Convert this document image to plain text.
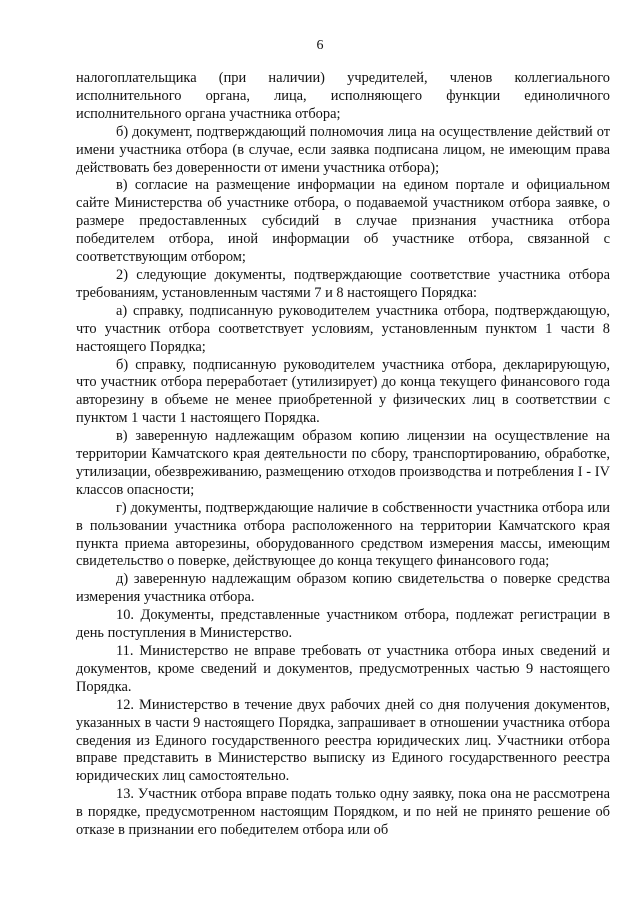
6

налогоплательщика (при наличии) учредителей, членов коллегиального исполнительного органа, лица, исполняющего функции единоличного исполнительного органа участника отбора;

б) документ, подтверждающий полномочия лица на осуществление действий от имени участника отбора (в случае, если заявка подписана лицом, не имеющим права действовать без доверенности от имени участника отбора);

в) согласие на размещение информации на едином портале и официальном сайте Министерства об участнике отбора, о подаваемой участником отбора заявке, о размере предоставленных субсидий в случае признания участника отбора победителем отбора, иной информации об участнике отбора, связанной с соответствующим отбором;

2) следующие документы, подтверждающие соответствие участника отбора требованиям, установленным частями 7 и 8 настоящего Порядка:

а) справку, подписанную руководителем участника отбора, подтверждающую, что участник отбора соответствует условиям, установленным пунктом 1 части 8 настоящего Порядка;

б) справку, подписанную руководителем участника отбора, декларирующую, что участник отбора переработает (утилизирует) до конца текущего финансового года авторезину в объеме не менее приобретенной у физических лиц в соответствии с пунктом 1 части 1 настоящего Порядка.

в) заверенную надлежащим образом копию лицензии на осуществление на территории Камчатского края деятельности по сбору, транспортированию, обработке, утилизации, обезвреживанию, размещению отходов производства и потребления I - IV классов опасности;

г) документы, подтверждающие наличие в собственности участника отбора или в пользовании участника отбора расположенного на территории Камчатского края пункта приема авторезины, оборудованного средством измерения массы, имеющим свидетельство о поверке, действующее до конца текущего финансового года;

д) заверенную надлежащим образом копию свидетельства о поверке средства измерения участника отбора.

10. Документы, представленные участником отбора, подлежат регистрации в день поступления в Министерство.

11. Министерство не вправе требовать от участника отбора иных сведений и документов, кроме сведений и документов, предусмотренных частью 9 настоящего Порядка.

12. Министерство в течение двух рабочих дней со дня получения документов, указанных в части 9 настоящего Порядка, запрашивает в отношении участника отбора сведения из Единого государственного реестра юридических лиц. Участники отбора вправе представить в Министерство выписку из Единого государственного реестра юридических лиц самостоятельно.

13. Участник отбора вправе подать только одну заявку, пока она не рассмотрена в порядке, предусмотренном настоящим Порядком, и по ней не принято решение об отказе в признании его победителем отбора или об
